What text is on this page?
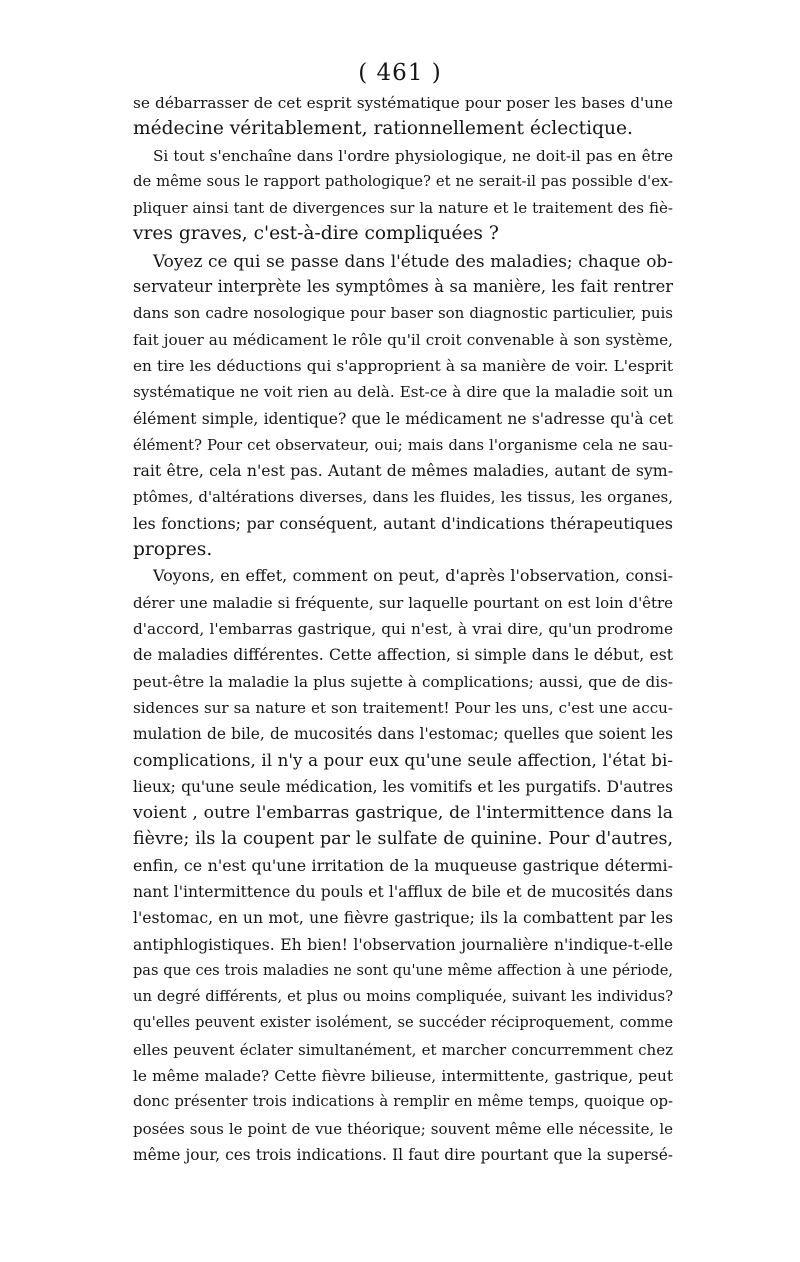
( 461 )
se débarrasser de cet esprit systématique pour poser les bases d'une
médecine véritablement, rationnellement éclectique.
Si tout s'enchaîne dans l'ordre physiologique, ne doit-il pas en être
de même sous le rapport pathologique? et ne serait-il pas possible d'ex-
pliquer ainsi tant de divergences sur la nature et le traitement des fiè-
vres graves, c'est-à-dire compliquées ?
Voyez ce qui se passe dans l'étude des maladies; chaque ob-
servateur interprète les symptômes à sa manière, les fait rentrer
dans son cadre nosologique pour baser son diagnostic particulier, puis
fait jouer au médicament le rôle qu'il croit convenable à son système,
en tire les déductions qui s'approprient à sa manière de voir. L'esprit
systématique ne voit rien au delà. Est-ce à dire que la maladie soit un
élément simple, identique? que le médicament ne s'adresse qu'à cet
élément? Pour cet observateur, oui; mais dans l'organisme cela ne sau-
rait être, cela n'est pas. Autant de mêmes maladies, autant de sym-
ptômes, d'altérations diverses, dans les fluides, les tissus, les organes,
les fonctions; par conséquent, autant d'indications thérapeutiques
propres.
Voyons, en effet, comment on peut, d'après l'observation, consi-
dérer une maladie si fréquente, sur laquelle pourtant on est loin d'être
d'accord, l'embarras gastrique, qui n'est, à vrai dire, qu'un prodrome
de maladies différentes. Cette affection, si simple dans le début, est
peut-être la maladie la plus sujette à complications; aussi, que de dis-
sidences sur sa nature et son traitement! Pour les uns, c'est une accu-
mulation de bile, de mucosités dans l'estomac; quelles que soient les
complications, il n'y a pour eux qu'une seule affection, l'état bi-
lieux; qu'une seule médication, les vomitifs et les purgatifs. D'autres
voient , outre l'embarras gastrique, de l'intermittence dans la
fièvre; ils la coupent par le sulfate de quinine. Pour d'autres,
enfin, ce n'est qu'une irritation de la muqueuse gastrique détermi-
nant l'intermittence du pouls et l'afflux de bile et de mucosités dans
l'estomac, en un mot, une fièvre gastrique; ils la combattent par les
antiphlogistiques. Eh bien! l'observation journalière n'indique-t-elle
pas que ces trois maladies ne sont qu'une même affection à une période,
un degré différents, et plus ou moins compliquée, suivant les individus?
qu'elles peuvent exister isolément, se succéder réciproquement, comme
elles peuvent éclater simultanément, et marcher concurremment chez
le même malade? Cette fièvre bilieuse, intermittente, gastrique, peut
donc présenter trois indications à remplir en même temps, quoique op-
posées sous le point de vue théorique; souvent même elle nécessite, le
même jour, ces trois indications. Il faut dire pourtant que la supersé-
